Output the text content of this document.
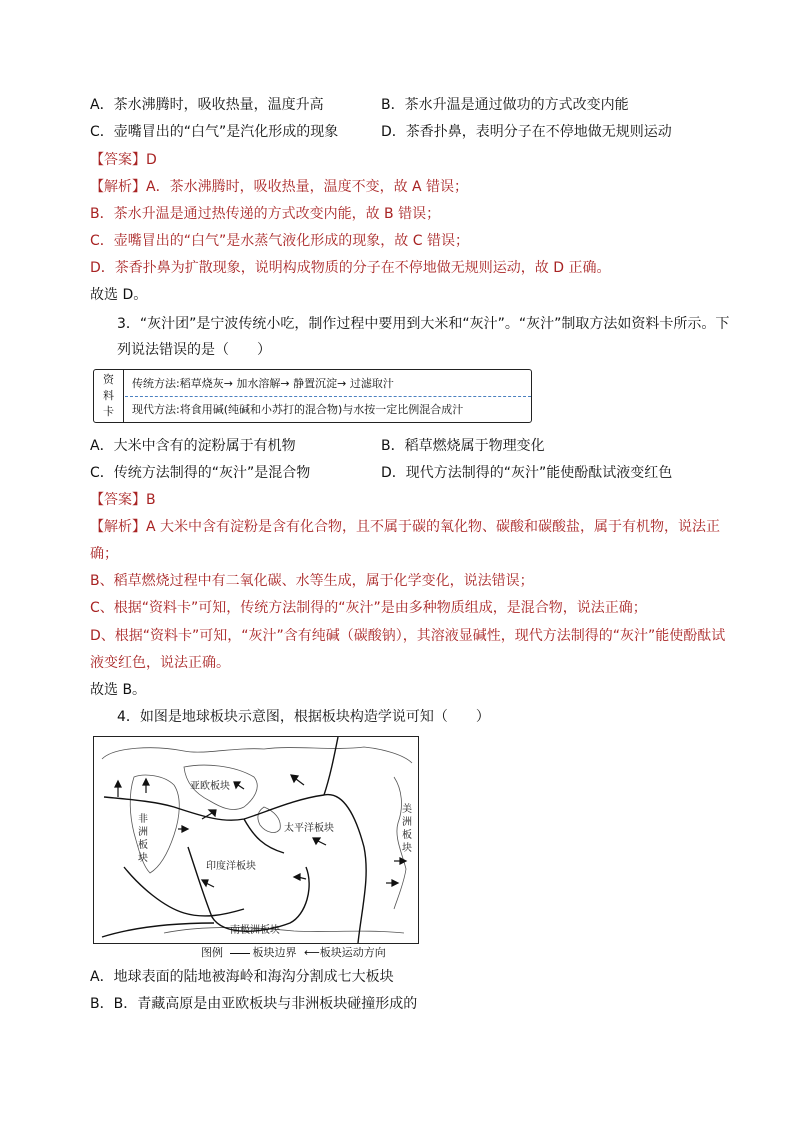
A．茶水沸腾时，吸收热量，温度升高	B．茶水升温是通过做功的方式改变内能
C．壶嘴冒出的“白气”是汽化形成的现象	D．茶香扑鼻，表明分子在不停地做无规则运动
【答案】D
【解析】A．茶水沸腾时，吸收热量，温度不变，故 A 错误；
B．茶水升温是通过热传递的方式改变内能，故 B 错误；
C．壶嘴冒出的“白气”是水蒸气液化形成的现象，故 C 错误；
D．茶香扑鼻为扩散现象，说明构成物质的分子在不停地做无规则运动，故 D 正确。
故选 D。
3．“灰汁团”是宁波传统小吃，制作过程中要用到大米和“灰汁”。“灰汁”制取方法如资料卡所示。下
列说法错误的是（　　）
资
料
卡
传统方法:稻草烧灰→ 加水溶解→ 静置沉淀→ 过滤取汁
现代方法:将食用碱(纯碱和小苏打的混合物)与水按一定比例混合成汁
A．大米中含有的淀粉属于有机物	B．稻草燃烧属于物理变化
C．传统方法制得的“灰汁”是混合物	D．现代方法制得的“灰汁”能使酚酞试液变红色
【答案】B
【解析】A 大米中含有淀粉是含有化合物，且不属于碳的氧化物、碳酸和碳酸盐，属于有机物，说法正
确；
B、稻草燃烧过程中有二氧化碳、水等生成，属于化学变化，说法错误；
C、根据“资料卡”可知，传统方法制得的“灰汁”是由多种物质组成，是混合物，说法正确；
D、根据“资料卡”可知，“灰汁”含有纯碱（碳酸钠），其溶液显碱性，现代方法制得的“灰汁”能使酚酞试
液变红色，说法正确。
故选 B。
4．如图是地球板块示意图，根据板块构造学说可知（　　）
亚欧板块
非洲板块
太平洋板块
美洲板块
印度洋板块
南极洲板块
图例	板块边界 ⟵板块运动方向
A．地球表面的陆地被海岭和海沟分割成七大板块
B．B．青藏高原是由亚欧板块与非洲板块碰撞形成的
